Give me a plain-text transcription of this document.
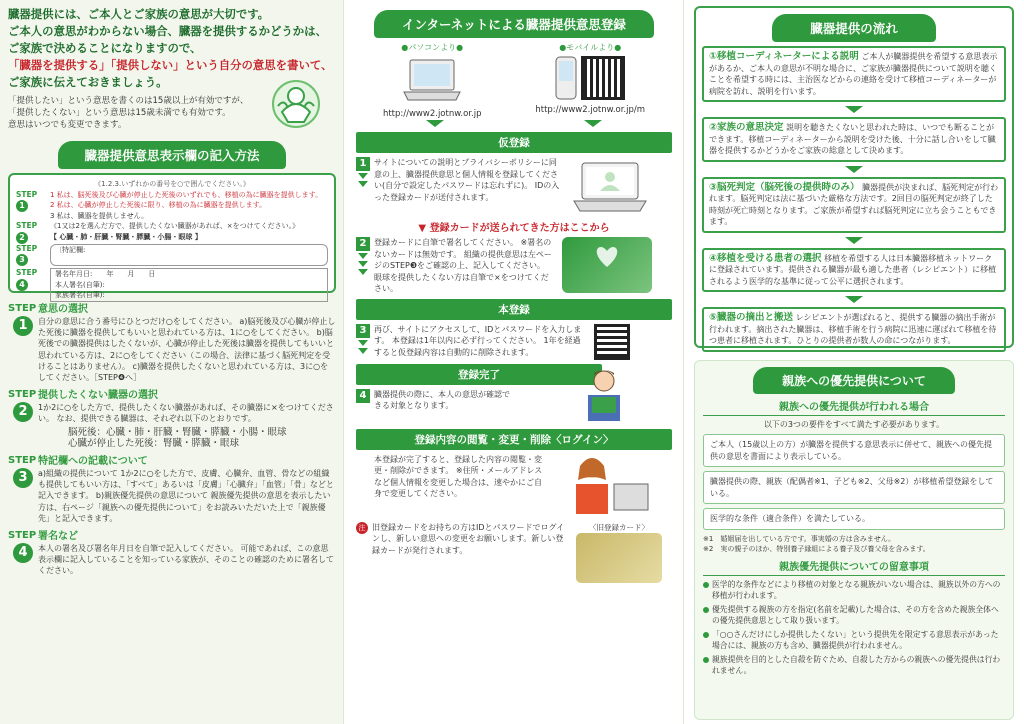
臓器提供には、ご本人とご家族の意思が大切です。
ご本人の意思がわからない場合、臓器を提供するかどうかは、
ご家族で決めることになりますので、
「臓器を提供する」「提供しない」という自分の意思を書いて、
ご家族に伝えておきましょう。
「提供したい」という意思を書くのは15歳以上が有効ですが、
「提供したくない」という意思は15歳未満でも有効です。
意思はいつでも変更できます。
臓器提供意思表示欄の記入方法
《1.2.3.いずれかの番号を○で囲んでください。》
STEP
1
1 私は、脳死後及び心臓が停止した死後のいずれでも、移植の為に臓器を提供します。
2 私は、心臓が停止した死後に限り、移植の為に臓器を提供します。
3 私は、臓器を提供しません。
STEP 2
《1又は2を選んだ方で、提供したくない臓器があれば、×をつけてください。》
【 心臓・肺・肝臓・腎臓・膵臓・小腸・眼球 】
STEP 3
〔特記欄:
STEP 4
署名年月日:　　年　　月　　日
本人署名(自筆):
家族署名(自筆):
STEP
1
意思の選択
自分の意思に合う番号にひとつだけ○をしてください。 a)脳死後及び心臓が停止した死後に臓器を提供してもいいと思われている方は、1に○をしてください。 b)脳死後での臓器提供はしたくないが、心臓が停止した死後は臓器を提供してもいいと思われている方は、2に○をしてください（この場合、法律に基づく脳死判定を受けることはありません）。 c)臓器を提供したくないと思われている方は、3に○をしてください。［STEP❹へ］
STEP
2
提供したくない臓器の選択
1か2に○をした方で、提供したくない臓器があれば、その臓器に×をつけてください。 なお、提供できる臓器は、それぞれ以下のとおりです。
脳死後：心臓・肺・肝臓・腎臓・膵臓・小腸・眼球
心臓が停止した死後：腎臓・膵臓・眼球
STEP
3
特記欄への記載について
a)組織の提供について 1か2に○をした方で、皮膚、心臓弁、血管、骨などの組織も提供してもいい方は、「すべて」あるいは「皮膚」「心臓弁」「血管」「骨」などと記入できます。 b)親族優先提供の意思について 親族優先提供の意思を表示したい方は、右ページ「親族への優先提供について」をお読みいただいた上で「親族優先」と記入できます。
STEP
4
署名など
本人の署名及び署名年月日を自筆で記入してください。 可能であれば、この意思表示欄に記入していることを知っている家族が、そのことの確認のために署名してください。
インターネットによる臓器提供意思登録
●パソコンより●
http://www2.jotnw.or.jp
●モバイルより●
http://www2.jotnw.or.jp/m
仮登録
1 サイトについての説明とプライバシーポリシーに同意の上、臓器提供意思と個人情報を登録してください(自分で設定したパスワードは忘れずに)。 IDの入った登録カードが送付されます。
▼ 登録カードが送られてきた方はここから
2 登録カードに自筆で署名してください。 ※署名のないカードは無効です。 組織の提供意思は左ページのSTEP❸をご確認の上、記入してください。 眼球を提供したくない方は自筆で×をつけてください。
本登録
3 再び、サイトにアクセスして、IDとパスワードを入力します。 本登録は1年以内に必ず行ってください。 1年を経過すると仮登録内容は自動的に削除されます。
登録完了
4 臓器提供の際に、本人の意思が確認できる対象となります。
登録内容の閲覧・変更・削除〈ログイン〉
本登録が完了すると、登録した内容の閲覧・変更・削除ができます。 ※住所・メールアドレスなど個人情報を変更した場合は、速やかにご自身で変更してください。
注 旧登録カードをお持ちの方はIDとパスワードでログインし、新しい意思への変更をお願いします。新しい登録カードが発行されます。
〈旧登録カード〉
臓器提供の流れ
①移植コーディネーターによる説明 ご本人が臓器提供を希望する意思表示があるか、ご本人の意思が不明な場合に、ご家族が臓器提供について説明を聴くことを希望する時には、主治医などからの連絡を受けて移植コーディネーターが病院を訪れ、説明を行います。
②家族の意思決定 説明を聴きたくないと思われた時は、いつでも断ることができます。移植コーディネーターから説明を受けた後、十分に話し合いをして臓器を提供するかどうかをご家族の総意として決めます。
③脳死判定（脳死後の提供時のみ） 臓器提供が決まれば、脳死判定が行われます。脳死判定は法に基づいた厳格な方法です。2回目の脳死判定が終了した時刻が死亡時刻となります。ご家族が希望すれば脳死判定に立ち会うこともできます。
④移植を受ける患者の選択 移植を希望する人は日本臓器移植ネットワークに登録されています。提供される臓器が最も適した患者（レシピエント）に移植されるよう医学的な基準に従って公平に選択されます。
⑤臓器の摘出と搬送 レシピエントが選ばれると、提供する臓器の摘出手術が行われます。摘出された臓器は、移植手術を行う病院に迅速に運ばれて移植を待つ患者に移植されます。ひとりの提供者が数人の命につながります。
親族への優先提供について
親族への優先提供が行われる場合
以下の3つの要件をすべて満たす必要があります。
ご本人（15歳以上の方）が臓器を提供する意思表示に併せて、親族への優先提供の意思を書面により表示している。
臓器提供の際、親族（配偶者※1、子ども※2、父母※2）が移植希望登録をしている。
医学的な条件（適合条件）を満たしている。
※1　婚姻届を出している方です。事実婚の方は含みません。
※2　実の親子のほか、特別養子縁組による養子及び養父母を含みます。
親族優先提供についての留意事項
医学的な条件などにより移植の対象となる親族がいない場合は、親族以外の方への移植が行われます。
優先提供する親族の方を指定(名前を記載)した場合は、その方を含めた親族全体への優先提供意思として取り扱います。
「○○さんだけにしか提供したくない」という提供先を限定する意思表示があった場合には、親族の方も含め、臓器提供が行われません。
親族提供を目的とした自殺を防ぐため、自殺した方からの親族への優先提供は行われません。
